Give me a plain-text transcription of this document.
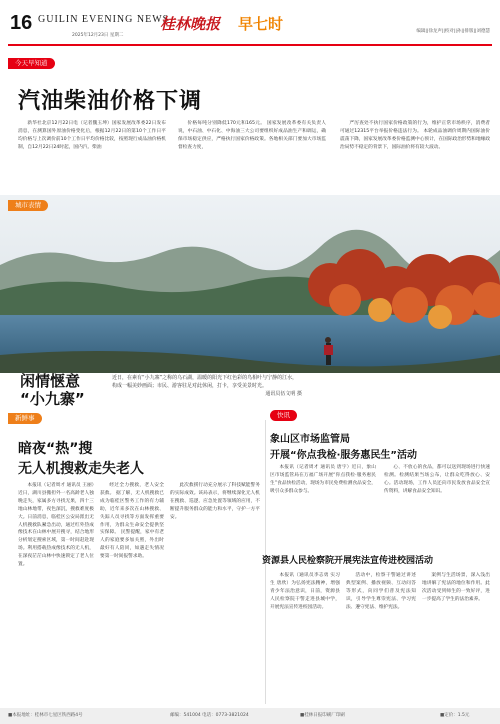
16 GUILIN EVENING NEWS
2025年12月23日 星期二
桂林晚报 早七时	编辑||徐龙声||校对||孙||排版||刘德慧
今天早知道
汽油柴油价格下调

新华社北京12月22日电（记者魏玉坤）国家发展改革委22日发布消息，在测算国外原油价格变化后，根据12月22日的第10个工作日平均价格与上次调价前10个工作日平均价格比较，按照现行成品油价格机制，自12月22日24时起，国内汽、柴油

价格每吨分别降低170元和165元。 国家发展改革委有关负责人说，中石油、中石化、中海油三大公司要组织好成品油生产和调运，确保市场稳定供应，严格执行国家价格政策。各地相关部门要加大市场监督检查力度，

严厉查处不执行国家价格政策的行为，维护正常市场秩序，消费者可通过12315平台举报价格违法行为。 本轮成品油调价周期内国际油价震荡下降，国家发展改革委价格监测中心预计，在国际政治形势和地缘政治局势不稳定的背景下，国际油价将有较大波动。

城市表情
闲情惬意
“小九寨”
近日，在素有“小九寨”之称的乌石湖，温暖的阳光下红色彩的鸟相叶与宁静的江水，构成一幅美妙画面；市民、游客驻足对此休闲，打卡，享受美景时光。
通讯员伍文明 摄
新鲜事
暗夜“热”搜
无人机搜救走失老人

本报讯（记者周才 通讯员 王丽）近日，湖川县搬担外一名高龄老人独晚走失，家属多方寻找无果，四十三地山林地带，夜色深沉，搜救难度极大。日前消息，临桂区公安局派出无人机搜救队紧急出动，通过红外热成像技术在山林中展开搜寻，结合地形分析划定搜索区域，第一时间赶赴现场。利用搭载热成像技术的无人机，在深夜茫茫山林中快速锁定了老人位置。

经过全力搜救，老人安全获救。 据了解，无人机搜救已成为临桂区警务工作的有力辅助，近年来多次在山林搜救、失踪人员寻找等方面发挥重要作用，为群众生命安全提供坚实保障。 民警提醒，家中有老人的家庭要多加关照，外出时最好有人陪同，如遇走失情况要第一时间报警求助。

此次救援行动充分展示了科技赋能警务的实际成效。该局表示，将继续深化无人机在搜救、巡逻、应急处置等领域的应用，不断提升服务群众的能力和水平，守护一方平安。

快讯
象山区市场监管局
开展“你点我检·服务惠民生”活动

本报讯（记者周才 通讯员 唐宇）近日，象山区市场监管局在万福广场开展“你点我检·服务惠民生”食品快检活动，现场为市民免费检测食品安全，吸引众多群众参与。

心、不放心的食品，都可以送到现场进行快速检测。检测结果当场公布，让群众吃得放心、安心。活动现场，工作人员还向市民发放食品安全宣传资料，讲解食品安全知识。

资源县人民检察院开展宪法宣传进校园活动

本报讯（通讯员李志勇 实习生 唐欣）为弘扬宪法精神，增强青少年法治意识，日前，资源县人民检察院干警走进县城中学，开展宪法宣传进校园活动。

活动中，检察干警通过讲述典型案例、播放视频、互动问答等形式，向同学们普及宪法知识，引导学生尊崇宪法、学习宪法、遵守宪法、维护宪法。

案例与生活场景，深入浅出地讲解了宪法的地位和作用。此次活动受到师生的一致好评，进一步提高了学生的法治素养。

■本报地址：桂林市七星区铁西路4号	邮编：541004 电话：0773-3821024	■桂林日报印刷厂印刷	■定价：1.5元
